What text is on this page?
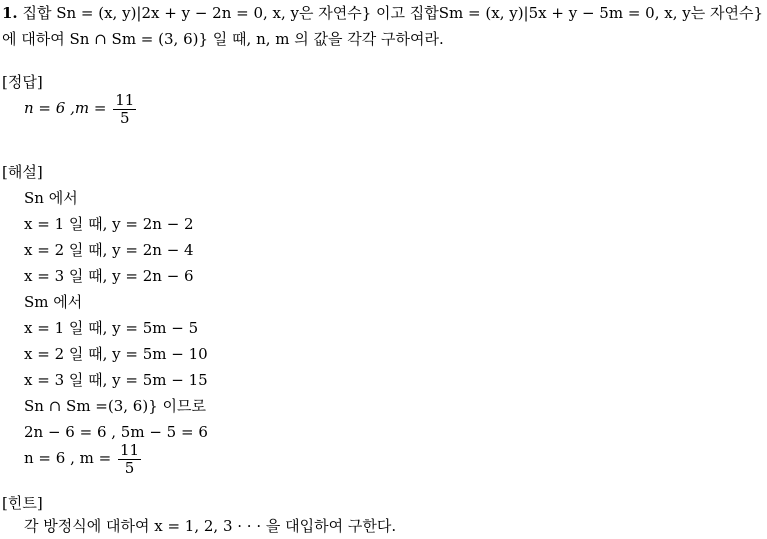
1. 집합 Sn = (x, y)|2x + y − 2n = 0, x, y은 자연수} 이고 집합Sm = (x, y)|5x + y − 5m = 0, x, y는 자연수}
에 대하여 Sn ∩ Sm = (3, 6)} 일 때, n, m 의 값을 각각 구하여라.
[정답]
n = 6 $,m = \frac{11}{5}$
[해설]
Sn 에서
x = 1 일 때, y = 2n − 2
x = 2 일 때, y = 2n − 4
x = 3 일 때, y = 2n − 6
Sm 에서
x = 1 일 때, y = 5m − 5
x = 2 일 때, y = 5m − 10
x = 3 일 때, y = 5m − 15
Sn ∩ Sm =(3, 6)} 이므로
2n − 6 = 6 , 5m − 5 = 6
n = 6 , $m = \frac{11}{5}$
[힌트]
각 방정식에 대하여 x = 1, 2, 3 · · · 을 대입하여 구한다.
